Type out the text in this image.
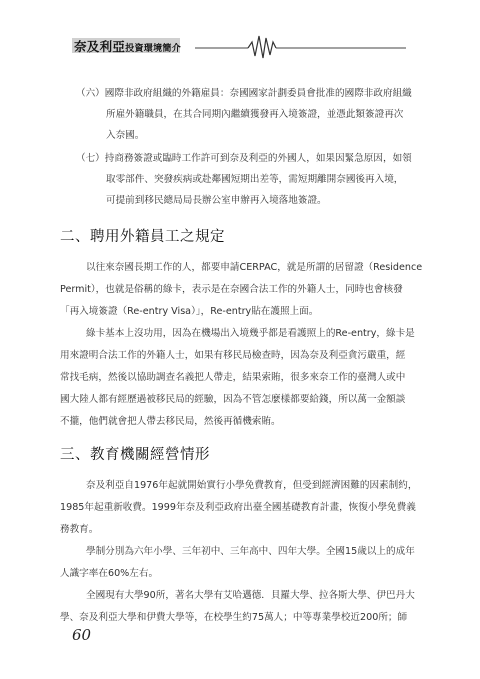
奈及利亞投資環境簡介
（六）國際非政府組織的外籍雇員：奈國國家計劃委員會批准的國際非政府組織
所雇外籍職員，在其合同期內繼續獲發再入境簽證，並憑此類簽證再次
入奈國。
（七）持商務簽證或臨時工作許可到奈及利亞的外國人，如果因緊急原因，如領
取零部件、突發疾病或赴鄰國短期出差等，需短期離開奈國後再入境，
可提前到移民總局局長辦公室申辦再入境落地簽證。
二、聘用外籍員工之規定
以往來奈國長期工作的人，都要申請CERPAC，就是所謂的居留證（Residence
Permit），也就是俗稱的綠卡，表示是在奈國合法工作的外籍人士，同時也會核發
「再入境簽證（Re-entry Visa）」，Re-entry貼在護照上面。
綠卡基本上沒功用，因為在機場出入境幾乎都是看護照上的Re-entry，綠卡是
用來證明合法工作的外籍人士，如果有移民局檢查時，因為奈及利亞貪污嚴重，經
常找毛病，然後以協助調查名義把人帶走，結果索賄，很多來奈工作的臺灣人或中
國大陸人都有經歷過被移民局的經驗，因為不管怎麼樣都要給錢，所以萬一金額談
不攏，他們就會把人帶去移民局，然後再循機索賄。
三、教育機關經營情形
奈及利亞自1976年起就開始實行小學免費教育，但受到經濟困難的因素制約，
1985年起重新收費。1999年奈及利亞政府出臺全國基礎教育計畫，恢復小學免費義
務教育。
學制分別為六年小學、三年初中、三年高中、四年大學。全國15歲以上的成年
人識字率在60%左右。
全國現有大學90所，著名大學有艾哈邁德．貝羅大學、拉各斯大學、伊巴丹大
學、奈及利亞大學和伊費大學等，在校學生約75萬人；中等專業學校近200所；師
60
